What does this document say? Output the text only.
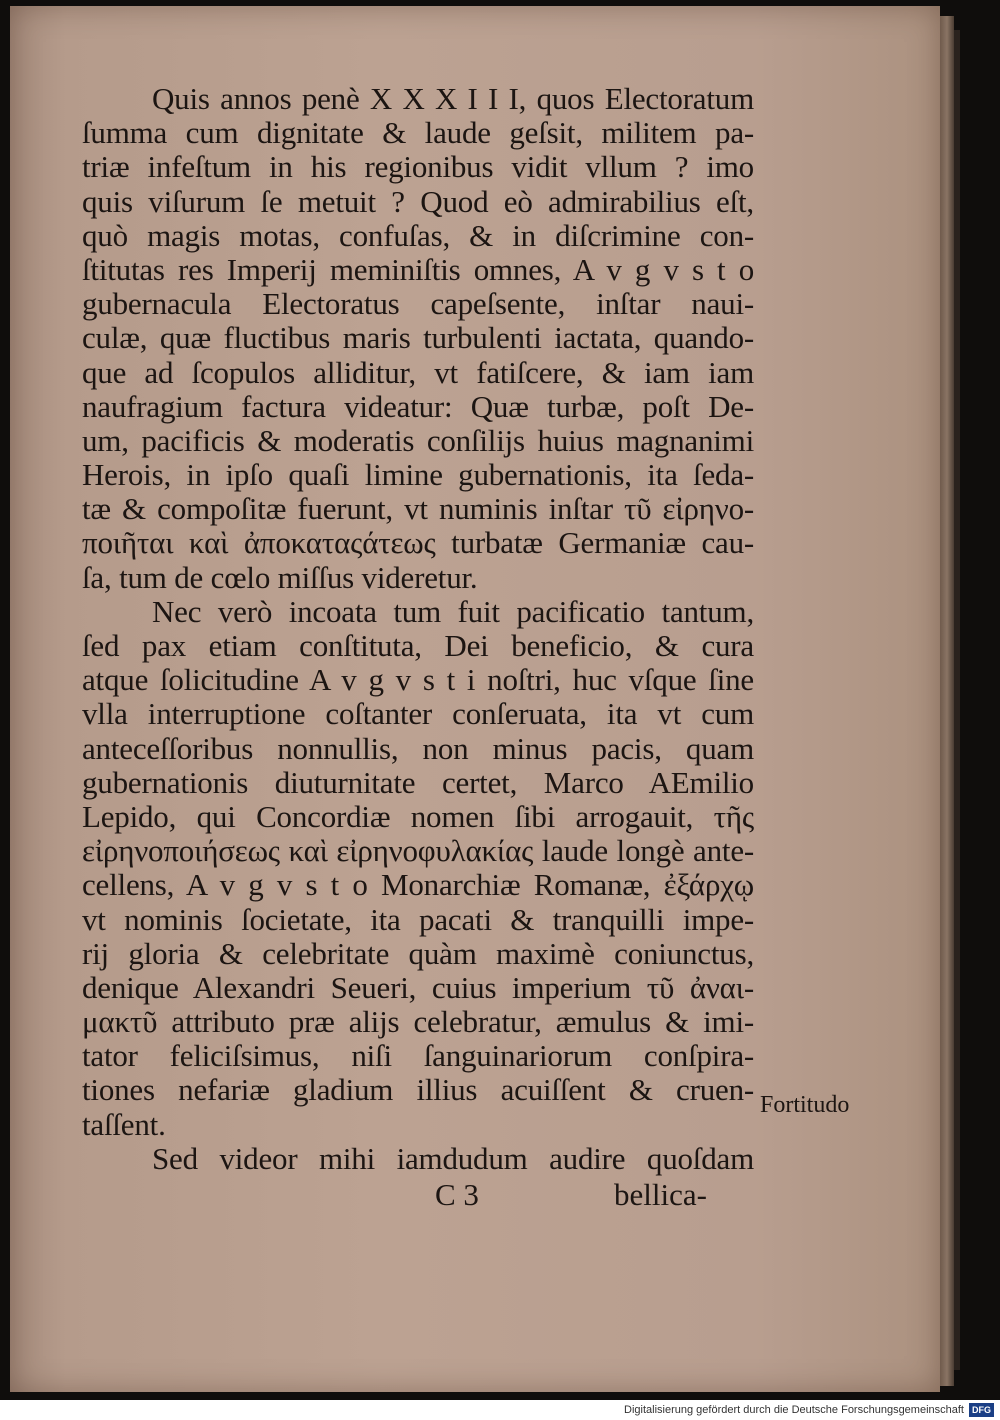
Quis annos penè X X X I I I, quos Electoratum
ſumma cum dignitate & laude geſsit, militem pa-
triæ infeſtum in his regionibus vidit vllum ? imo
quis viſurum ſe metuit ? Quod eò admirabilius eſt,
quò magis motas, confuſas, & in diſcrimine con-
ſtitutas res Imperij meminiſtis omnes, A v g v s t o
gubernacula Electoratus capeſsente, inſtar naui-
culæ, quæ fluctibus maris turbulenti iactata, quando-
que ad ſcopulos alliditur, vt fatiſcere, & iam iam
naufragium factura videatur: Quæ turbæ, poſt De-
um, pacificis & moderatis conſilijs huius magnanimi
Herois, in ipſo quaſi limine gubernationis, ita ſeda-
tæ & compoſitæ fuerunt, vt numinis inſtar τῦ εἰρηνο-
ποιῆται καὶ ἀποκαταςάτεως turbatæ Germaniæ cau-
ſa, tum de cœlo miſſus videretur.
Nec verò incoata tum fuit pacificatio tantum,
ſed pax etiam conſtituta, Dei beneficio, & cura
atque ſolicitudine A v g v s t i noſtri, huc vſque ſine
vlla interruptione coſtanter conſeruata, ita vt cum
anteceſſoribus nonnullis, non minus pacis, quam
gubernationis diuturnitate certet, Marco AEmilio
Lepido, qui Concordiæ nomen ſibi arrogauit, τῆς
εἰρηνοποιήσεως καὶ εἰρηνοφυλακίας laude longè ante-
cellens, A v g v s t o Monarchiæ Romanæ, ἐξάρχῳ
vt nominis ſocietate, ita pacati & tranquilli impe-
rij gloria & celebritate quàm maximè coniunctus,
denique Alexandri Seueri, cuius imperium τῦ ἀναι-
μακτῦ attributo præ alijs celebratur, æmulus & imi-
tator feliciſsimus, niſi ſanguinariorum conſpira-
tiones nefariæ gladium illius acuiſſent & cruen-
taſſent.
Sed videor mihi iamdudum audire quoſdam
Fortitudo
C 3	bellica-
Digitalisierung gefördert durch die Deutsche Forschungsgemeinschaft DFG
